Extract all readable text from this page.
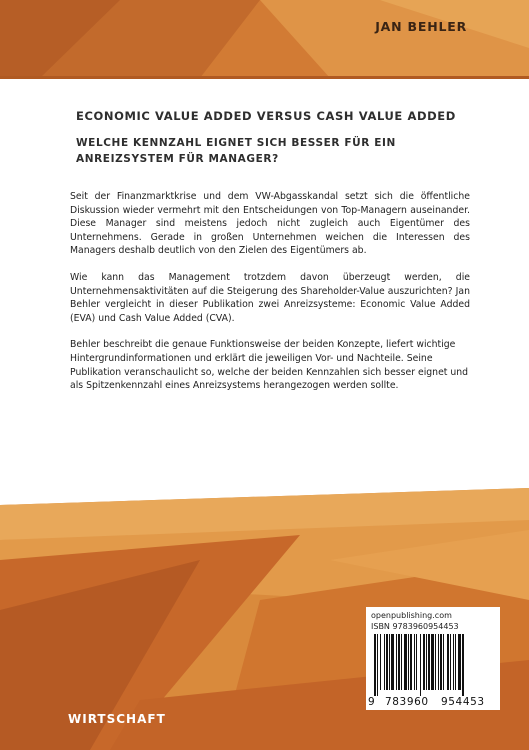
JAN BEHLER
ECONOMIC VALUE ADDED VERSUS CASH VALUE ADDED
WELCHE KENNZAHL EIGNET SICH BESSER FÜR EIN ANREIZSYSTEM FÜR MANAGER?

Seit der Finanzmarktkrise und dem VW-Abgasskandal setzt sich die öffentliche Diskussion wieder vermehrt mit den Entscheidungen von Top-Managern auseinander. Diese Manager sind meistens jedoch nicht zugleich auch Eigentümer des Unternehmens. Gerade in großen Unternehmen weichen die Interessen des Managers deshalb deutlich von den Zielen des Eigentümers ab.

Wie kann das Management trotzdem davon überzeugt werden, die Unternehmensaktivitäten auf die Steigerung des Shareholder-Value auszurichten? Jan Behler vergleicht in dieser Publikation zwei Anreizsysteme: Economic Value Added (EVA) und Cash Value Added (CVA).

Behler beschreibt die genaue Funktionsweise der beiden Konzepte, liefert wichtige Hintergrundinformationen und erklärt die jeweiligen Vor- und Nachteile. Seine Publikation veranschaulicht so, welche der beiden Kennzahlen sich besser eignet und als Spitzenkennzahl eines Anreizsystems herangezogen werden sollte.

openpublishing.com
ISBN 9783960954453
9 783960 954453
WIRTSCHAFT
